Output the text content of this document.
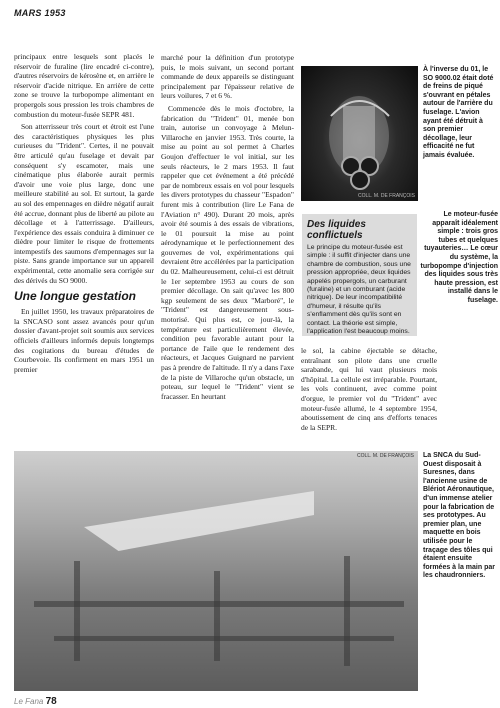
MARS 1953

principaux entre lesquels sont placés le réservoir de furaline (lire encadré ci-contre), d'autres réservoirs de kérosène et, en arrière le réservoir d'acide nitrique. En arrière de cette zone se trouve la turbopompe alimentant en propergols sous pression les trois chambres de combustion du moteur-fusée SEPR 481.

Son atterrisseur très court et étroit est l'une des caractéristiques physiques les plus curieuses du "Trident". Certes, il ne pouvait être articulé qu'au fuselage et devait par conséquent s'y escamoter, mais une cinématique plus élaborée aurait permis d'avoir une voie plus large, donc une meilleure stabilité au sol. Et surtout, la garde au sol des empennages en dièdre négatif aurait été accrue, donnant plus de liberté au pilote au décollage et à l'atterrissage. D'ailleurs, l'expérience des essais conduira à diminuer ce dièdre pour limiter le risque de frottements intempestifs des saumons d'empennages sur la piste. Sans grande importance sur un appareil expérimental, cette anomalie sera corrigée sur des dérivés du SO 9000.

Une longue gestation

En juillet 1950, les travaux préparatoires de la SNCASO sont assez avancés pour qu'un dossier d'avant-projet soit soumis aux services officiels d'ailleurs informés depuis longtemps des cogitations du bureau d'études de Courbevoie. Ils confirment en mars 1951 un premier

marché pour la définition d'un prototype puis, le mois suivant, un second portant commande de deux appareils se distinguant principalement par l'épaisseur relative de leurs voilures, 7 et 6 %.

Commencée dès le mois d'octobre, la fabrication du "Trident" 01, menée bon train, autorise un convoyage à Melun-Villaroche en janvier 1953. Très courte, la mise au point au sol permet à Charles Goujon d'effectuer le vol initial, sur les seuls réacteurs, le 2 mars 1953. Il faut rappeler que cet événement a été précédé par de nombreux essais en vol pour lesquels les divers prototypes du chasseur "Espadon" furent mis à contribution (lire Le Fana de l'Aviation n° 490). Durant 20 mois, après avoir été soumis à des essais de vibrations, le 01 poursuit la mise au point aérodynamique et le perfectionnement des gouvernes de vol, expérimentations qui devraient être accélérées par la participation du 02. Malheureusement, celui-ci est détruit le 1er septembre 1953 au cours de son premier décollage. On sait qu'avec les 800 kgp seulement de ses deux "Marboré", le "Trident" est dangereusement sous-motorisé. Qui plus est, ce jour-là, la température est particulièrement élevée, condition peu favorable autant pour la portance de l'aile que le rendement des réacteurs, et Jacques Guignard ne parvient pas à prendre de l'altitude. Il n'y a dans l'axe de la piste de Villaroche qu'un obstacle, un poteau, sur lequel le "Trident" vient se fracasser. En heurtant

COLL. M. DE FRANÇOIS
À l'inverse du 01, le SO 9000.02 était doté de freins de piqué s'ouvrant en pétales autour de l'arrière du fuselage. L'avion ayant été détruit à son premier décollage, leur efficacité ne fut jamais évaluée.
Le moteur-fusée apparaît idéalement simple : trois gros tubes et quelques tuyauteries… Le cœur du système, la turbopompe d'injection des liquides sous très haute pression, est installé dans le fuselage.
Des liquides conflictuels

Le principe du moteur-fusée est simple : il suffit d'injecter dans une chambre de combustion, sous une pression appropriée, deux liquides appelés propergols, un carburant (furaline) et un comburant (acide nitrique). De leur incompatibilité d'humeur, il résulte qu'ils s'enflamment dès qu'ils sont en contact. La théorie est simple, l'application l'est beaucoup moins.

le sol, la cabine éjectable se détache, entraînant son pilote dans une cruelle sarabande, qui lui vaut plusieurs mois d'hôpital. La cellule est irréparable. Pourtant, les vols continuent, avec comme point d'orgue, le premier vol du "Trident" avec moteur-fusée allumé, le 4 septembre 1954, aboutissement de cinq ans d'efforts tenaces de la SEPR.

COLL. M. DE FRANÇOIS La SNCA du Sud-Ouest disposait à Suresnes, dans l'ancienne usine de Blériot Aéronautique, d'un immense atelier pour la fabrication de ses prototypes. Au premier plan, une maquette en bois utilisée pour le traçage des tôles qui étaient ensuite formées à la main par les chaudronniers.
Le Fana 78
